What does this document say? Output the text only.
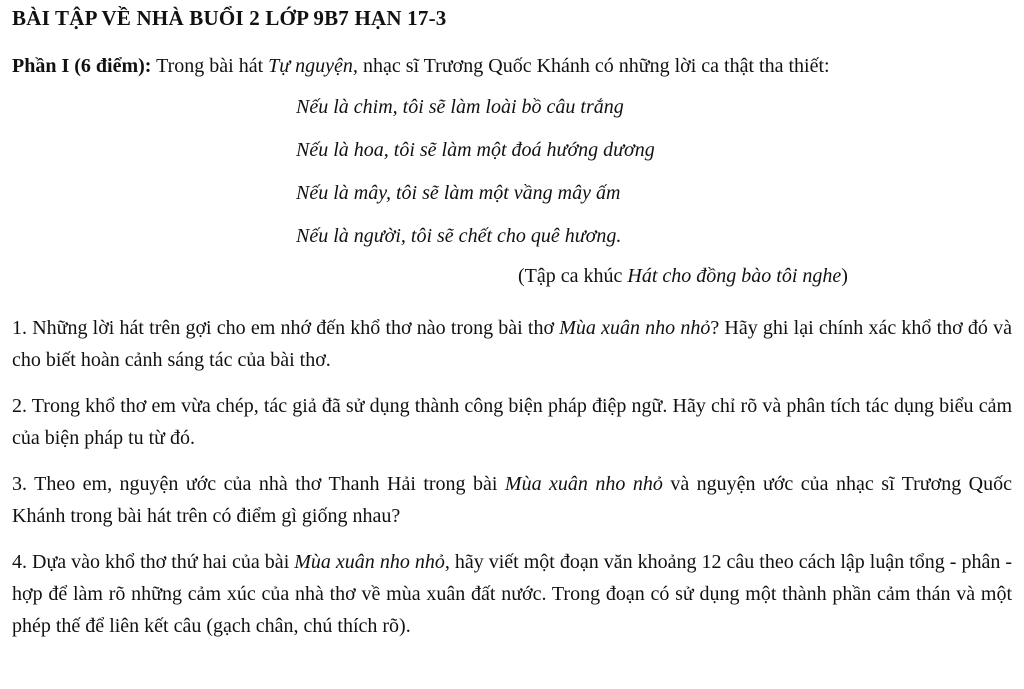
BÀI TẬP VỀ NHÀ BUỔI 2 LỚP 9B7 HẠN 17-3
Phần I (6 điểm): Trong bài hát Tự nguyện, nhạc sĩ Trương Quốc Khánh có những lời ca thật tha thiết:
Nếu là chim, tôi sẽ làm loài bồ câu trắng
Nếu là hoa, tôi sẽ làm một đoá hướng dương
Nếu là mây, tôi sẽ làm một vầng mây ấm
Nếu là người, tôi sẽ chết cho quê hương.
(Tập ca khúc Hát cho đồng bào tôi nghe)

1. Những lời hát trên gợi cho em nhớ đến khổ thơ nào trong bài thơ Mùa xuân nho nhỏ? Hãy ghi lại chính xác khổ thơ đó và cho biết hoàn cảnh sáng tác của bài thơ.

2. Trong khổ thơ em vừa chép, tác giả đã sử dụng thành công biện pháp điệp ngữ. Hãy chỉ rõ và phân tích tác dụng biểu cảm của biện pháp tu từ đó.

3. Theo em, nguyện ước của nhà thơ Thanh Hải trong bài Mùa xuân nho nhỏ và nguyện ước của nhạc sĩ Trương Quốc Khánh trong bài hát trên có điểm gì giống nhau?

4. Dựa vào khổ thơ thứ hai của bài Mùa xuân nho nhỏ, hãy viết một đoạn văn khoảng 12 câu theo cách lập luận tổng - phân - hợp để làm rõ những cảm xúc của nhà thơ về mùa xuân đất nước. Trong đoạn có sử dụng một thành phần cảm thán và một phép thế để liên kết câu (gạch chân, chú thích rõ).
